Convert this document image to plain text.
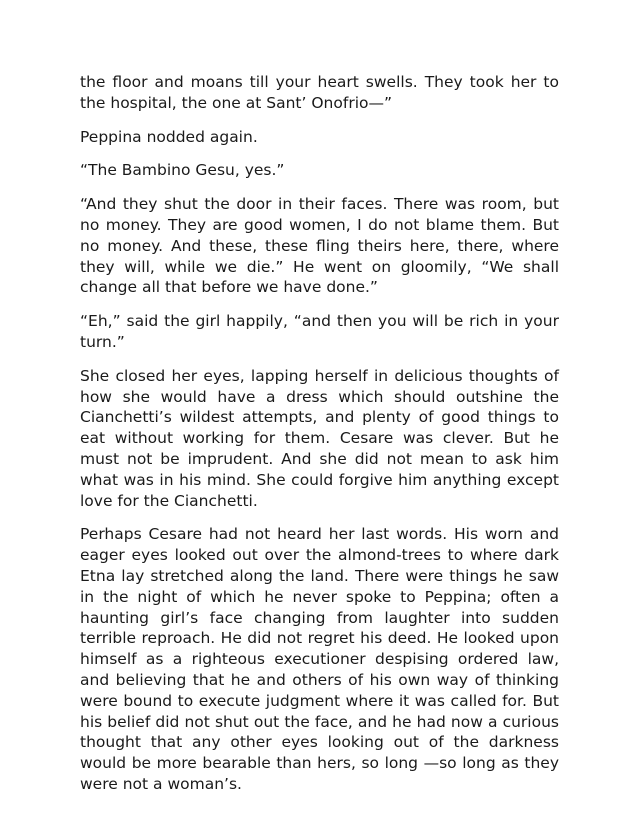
the floor and moans till your heart swells. They took her to the hospital, the one at Sant’ Onofrio—”

Peppina nodded again.

“The Bambino Gesu, yes.”

“And they shut the door in their faces. There was room, but no money. They are good women, I do not blame them. But no money. And these, these fling theirs here, there, where they will, while we die.” He went on gloomily, “We shall change all that before we have done.”

“Eh,” said the girl happily, “and then you will be rich in your turn.”

She closed her eyes, lapping herself in delicious thoughts of how she would have a dress which should outshine the Cianchetti’s wildest attempts, and plenty of good things to eat without working for them. Cesare was clever. But he must not be imprudent. And she did not mean to ask him what was in his mind. She could forgive him anything except love for the Cianchetti.

Perhaps Cesare had not heard her last words. His worn and eager eyes looked out over the almond-trees to where dark Etna lay stretched along the land. There were things he saw in the night of which he never spoke to Peppina; often a haunting girl’s face changing from laughter into sudden terrible reproach. He did not regret his deed. He looked upon himself as a righteous executioner despising ordered law, and believing that he and others of his own way of thinking were bound to execute judgment where it was called for. But his belief did not shut out the face, and he had now a curious thought that any other eyes looking out of the darkness would be more bearable than hers, so long —so long as they were not a woman’s.
